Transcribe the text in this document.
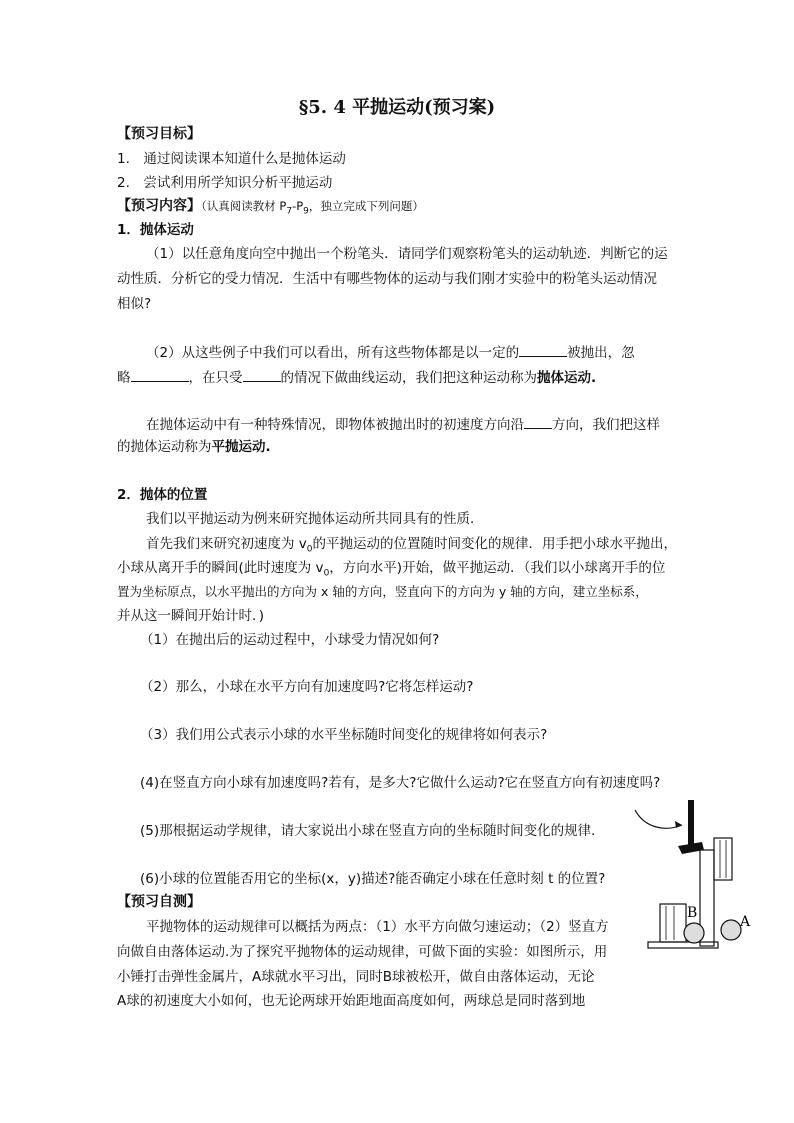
§5. 4 平抛运动(预习案)
【预习目标】
1.　通过阅读课本知道什么是抛体运动
2.　尝试利用所学知识分析平抛运动
【预习内容】（认真阅读教材 $P_7-P_9$，独立完成下列问题）
1．抛体运动
（1）以任意角度向空中抛出一个粉笔头．请同学们观察粉笔头的运动轨迹．判断它的运
动性质．分析它的受力情况．生活中有哪些物体的运动与我们刚才实验中的粉笔头运动情况
相似?
（2）从这些例子中我们可以看出，所有这些物体都是以一定的	被抛出，忽
略	，在只受	的情况下做曲线运动，我们把这种运动称为抛体运动.
在抛体运动中有一种特殊情况，即物体被抛出时的初速度方向沿 方向，我们把这样
的抛体运动称为平抛运动.
2．抛体的位置
我们以平抛运动为例来研究抛体运动所共同具有的性质．
首先我们来研究初速度为 $v_0$的平抛运动的位置随时间变化的规律．用手把小球水平抛出，
小球从离开手的瞬间(此时速度为 $v_0$，方向水平)开始，做平抛运动．（我们以小球离开手的位
置为坐标原点，以水平抛出的方向为 x 轴的方向，竖直向下的方向为 y 轴的方向，建立坐标系，
并从这一瞬间开始计时．)
（1）在抛出后的运动过程中，小球受力情况如何?
（2）那么，小球在水平方向有加速度吗?它将怎样运动?
（3）我们用公式表示小球的水平坐标随时间变化的规律将如何表示?
(4)在竖直方向小球有加速度吗?若有，是多大?它做什么运动?它在竖直方向有初速度吗?
(5)那根据运动学规律，请大家说出小球在竖直方向的坐标随时间变化的规律．
(6)小球的位置能否用它的坐标(x，y)描述?能否确定小球在任意时刻 t 的位置?
【预习自测】
平抛物体的运动规律可以概括为两点：（1）水平方向做匀速运动；（2）竖直方
向做自由落体运动.为了探究平抛物体的运动规律，可做下面的实验：如图所示，用
小锤打击弹性金属片，A球就水平习出，同时B球被松开，做自由落体运动，无论
A球的初速度大小如何，也无论两球开始距地面高度如何，两球总是同时落到地
B
A
